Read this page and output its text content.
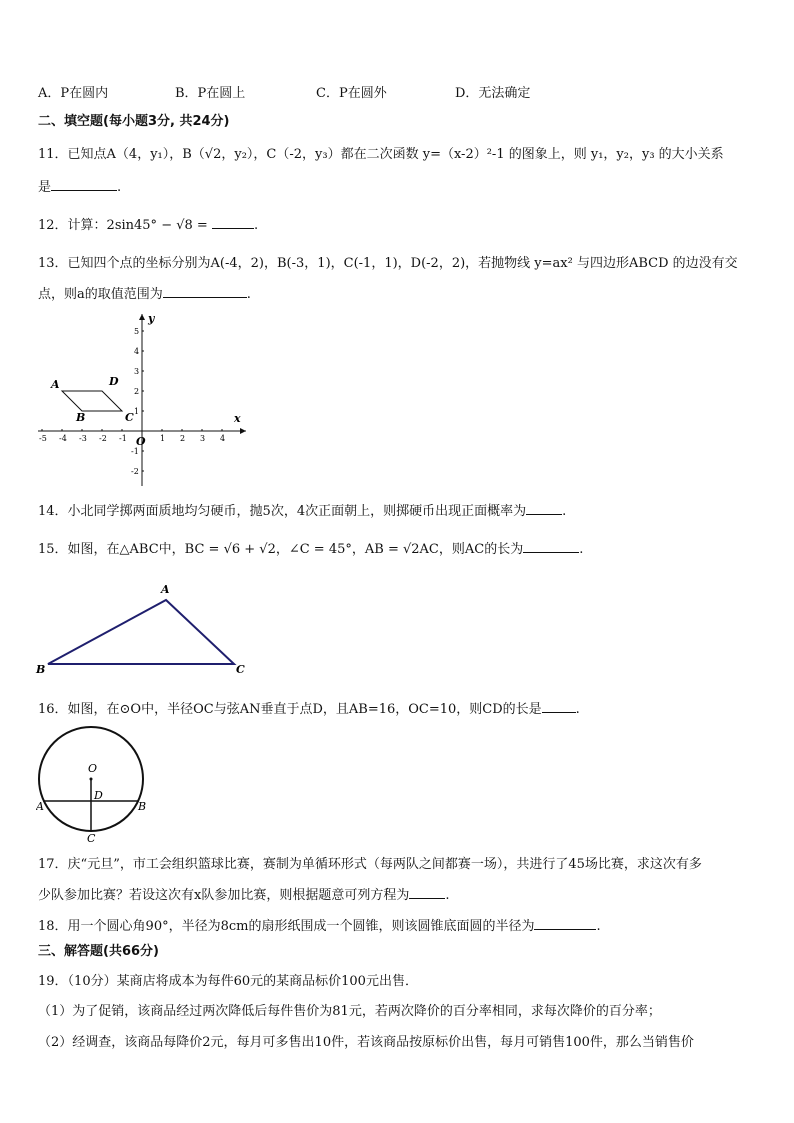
A．P在圆内	B．P在圆上	C．P在圆外	D．无法确定
二、填空题(每小题3分, 共24分)
11．已知点A（4，y₁），B（√2，y₂），C（-2，y₃）都在二次函数 y=（x-2）²-1 的图象上，则 y₁，y₂，y₃ 的大小关系
是	.
12．计算：2sin45° − √8 =	.
13．已知四个点的坐标分别为A(-4，2)，B(-3，1)，C(-1，1)，D(-2，2)，若抛物线 y=ax² 与四边形ABCD 的边没有交
点，则a的取值范围为	.
x
y
O
-5 -4 -3 -2 -1	1 2 3 4
5
4
3
2
1
-1
-2
A	D
B	C
14．小北同学掷两面质地均匀硬币，抛5次，4次正面朝上，则掷硬币出现正面概率为	.
15．如图，在△ABC中，BC = √6 + √2，∠C = 45°，AB = √2AC，则AC的长为	.
A
B	C
16．如图，在⊙O中，半径OC与弦AN垂直于点D，且AB=16，OC=10，则CD的长是	.
O
D
A	B
C
17．庆“元旦”，市工会组织篮球比赛，赛制为单循环形式（每两队之间都赛一场），共进行了45场比赛，求这次有多
少队参加比赛？若设这次有x队参加比赛，则根据题意可列方程为	.
18．用一个圆心角90°，半径为8cm的扇形纸围成一个圆锥，则该圆锥底面圆的半径为	.
三、解答题(共66分)
19．（10分）某商店将成本为每件60元的某商品标价100元出售．
（1）为了促销，该商品经过两次降低后每件售价为81元，若两次降价的百分率相同，求每次降价的百分率；
（2）经调查，该商品每降价2元，每月可多售出10件，若该商品按原标价出售，每月可销售100件，那么当销售价
